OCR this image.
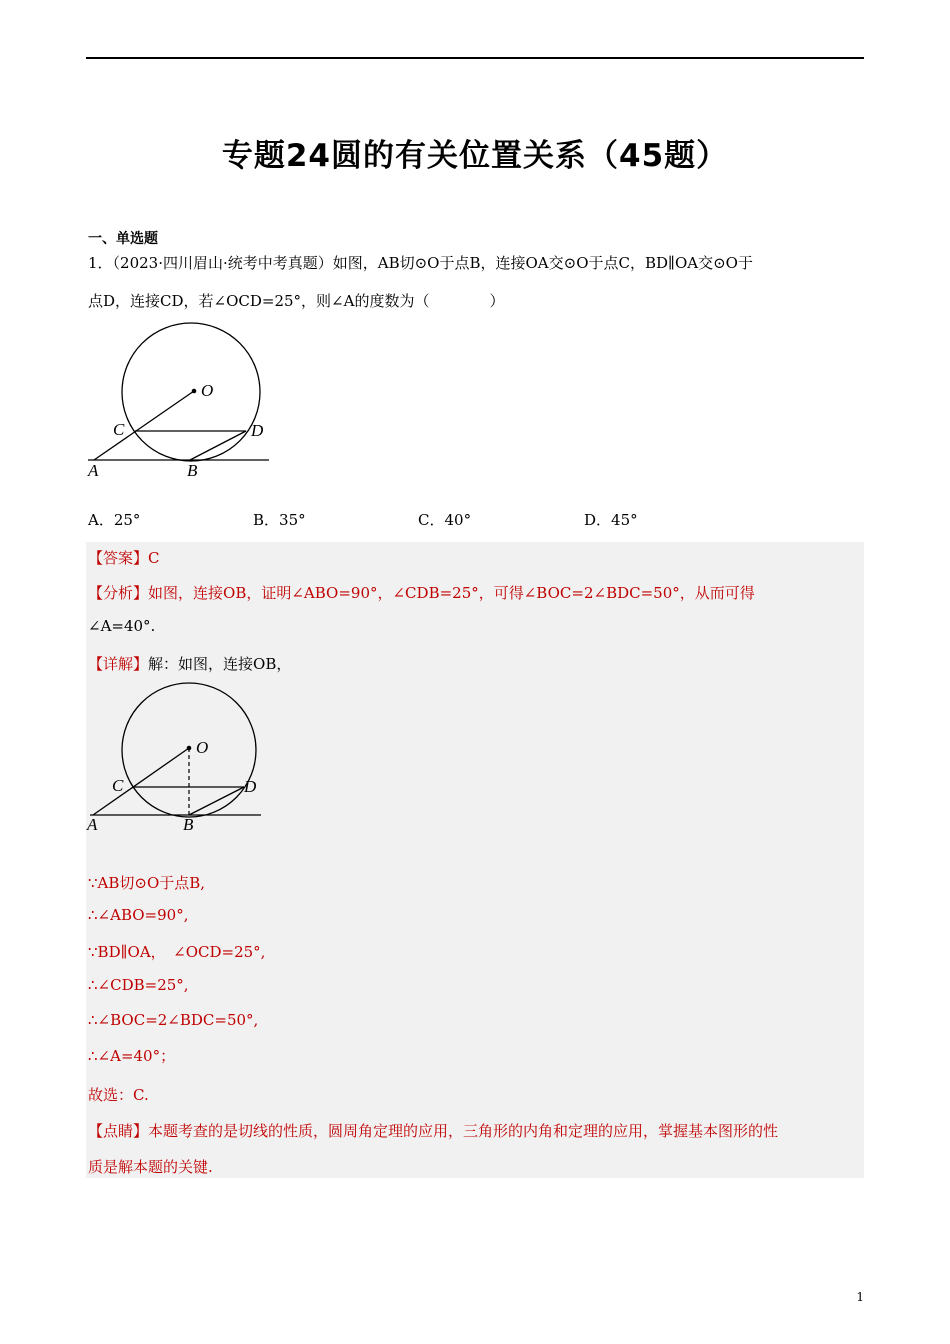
专题24圆的有关位置关系（45题）
一、单选题
1．（2023·四川眉山·统考中考真题）如图，AB切⊙O于点B，连接OA交⊙O于点C，BD∥OA交⊙O于
点D，连接CD，若∠OCD=25°，则∠A的度数为（　　　　）
O
C	D
A	B
A．25°	B．35°	C．40°	D．45°
【答案】C
【分析】如图，连接OB，证明∠ABO=90°，∠CDB=25°，可得∠BOC=2∠BDC=50°，从而可得
∠A=40°.
【详解】解：如图，连接OB，
O
C	D
A	B
∵AB切⊙O于点B,
∴∠ABO=90°,
∵BD∥OA，　∠OCD=25°,
∴∠CDB=25°,
∴∠BOC=2∠BDC=50°,
∴∠A=40°；
故选：C.
【点睛】本题考查的是切线的性质，圆周角定理的应用，三角形的内角和定理的应用，掌握基本图形的性
质是解本题的关键.
1
